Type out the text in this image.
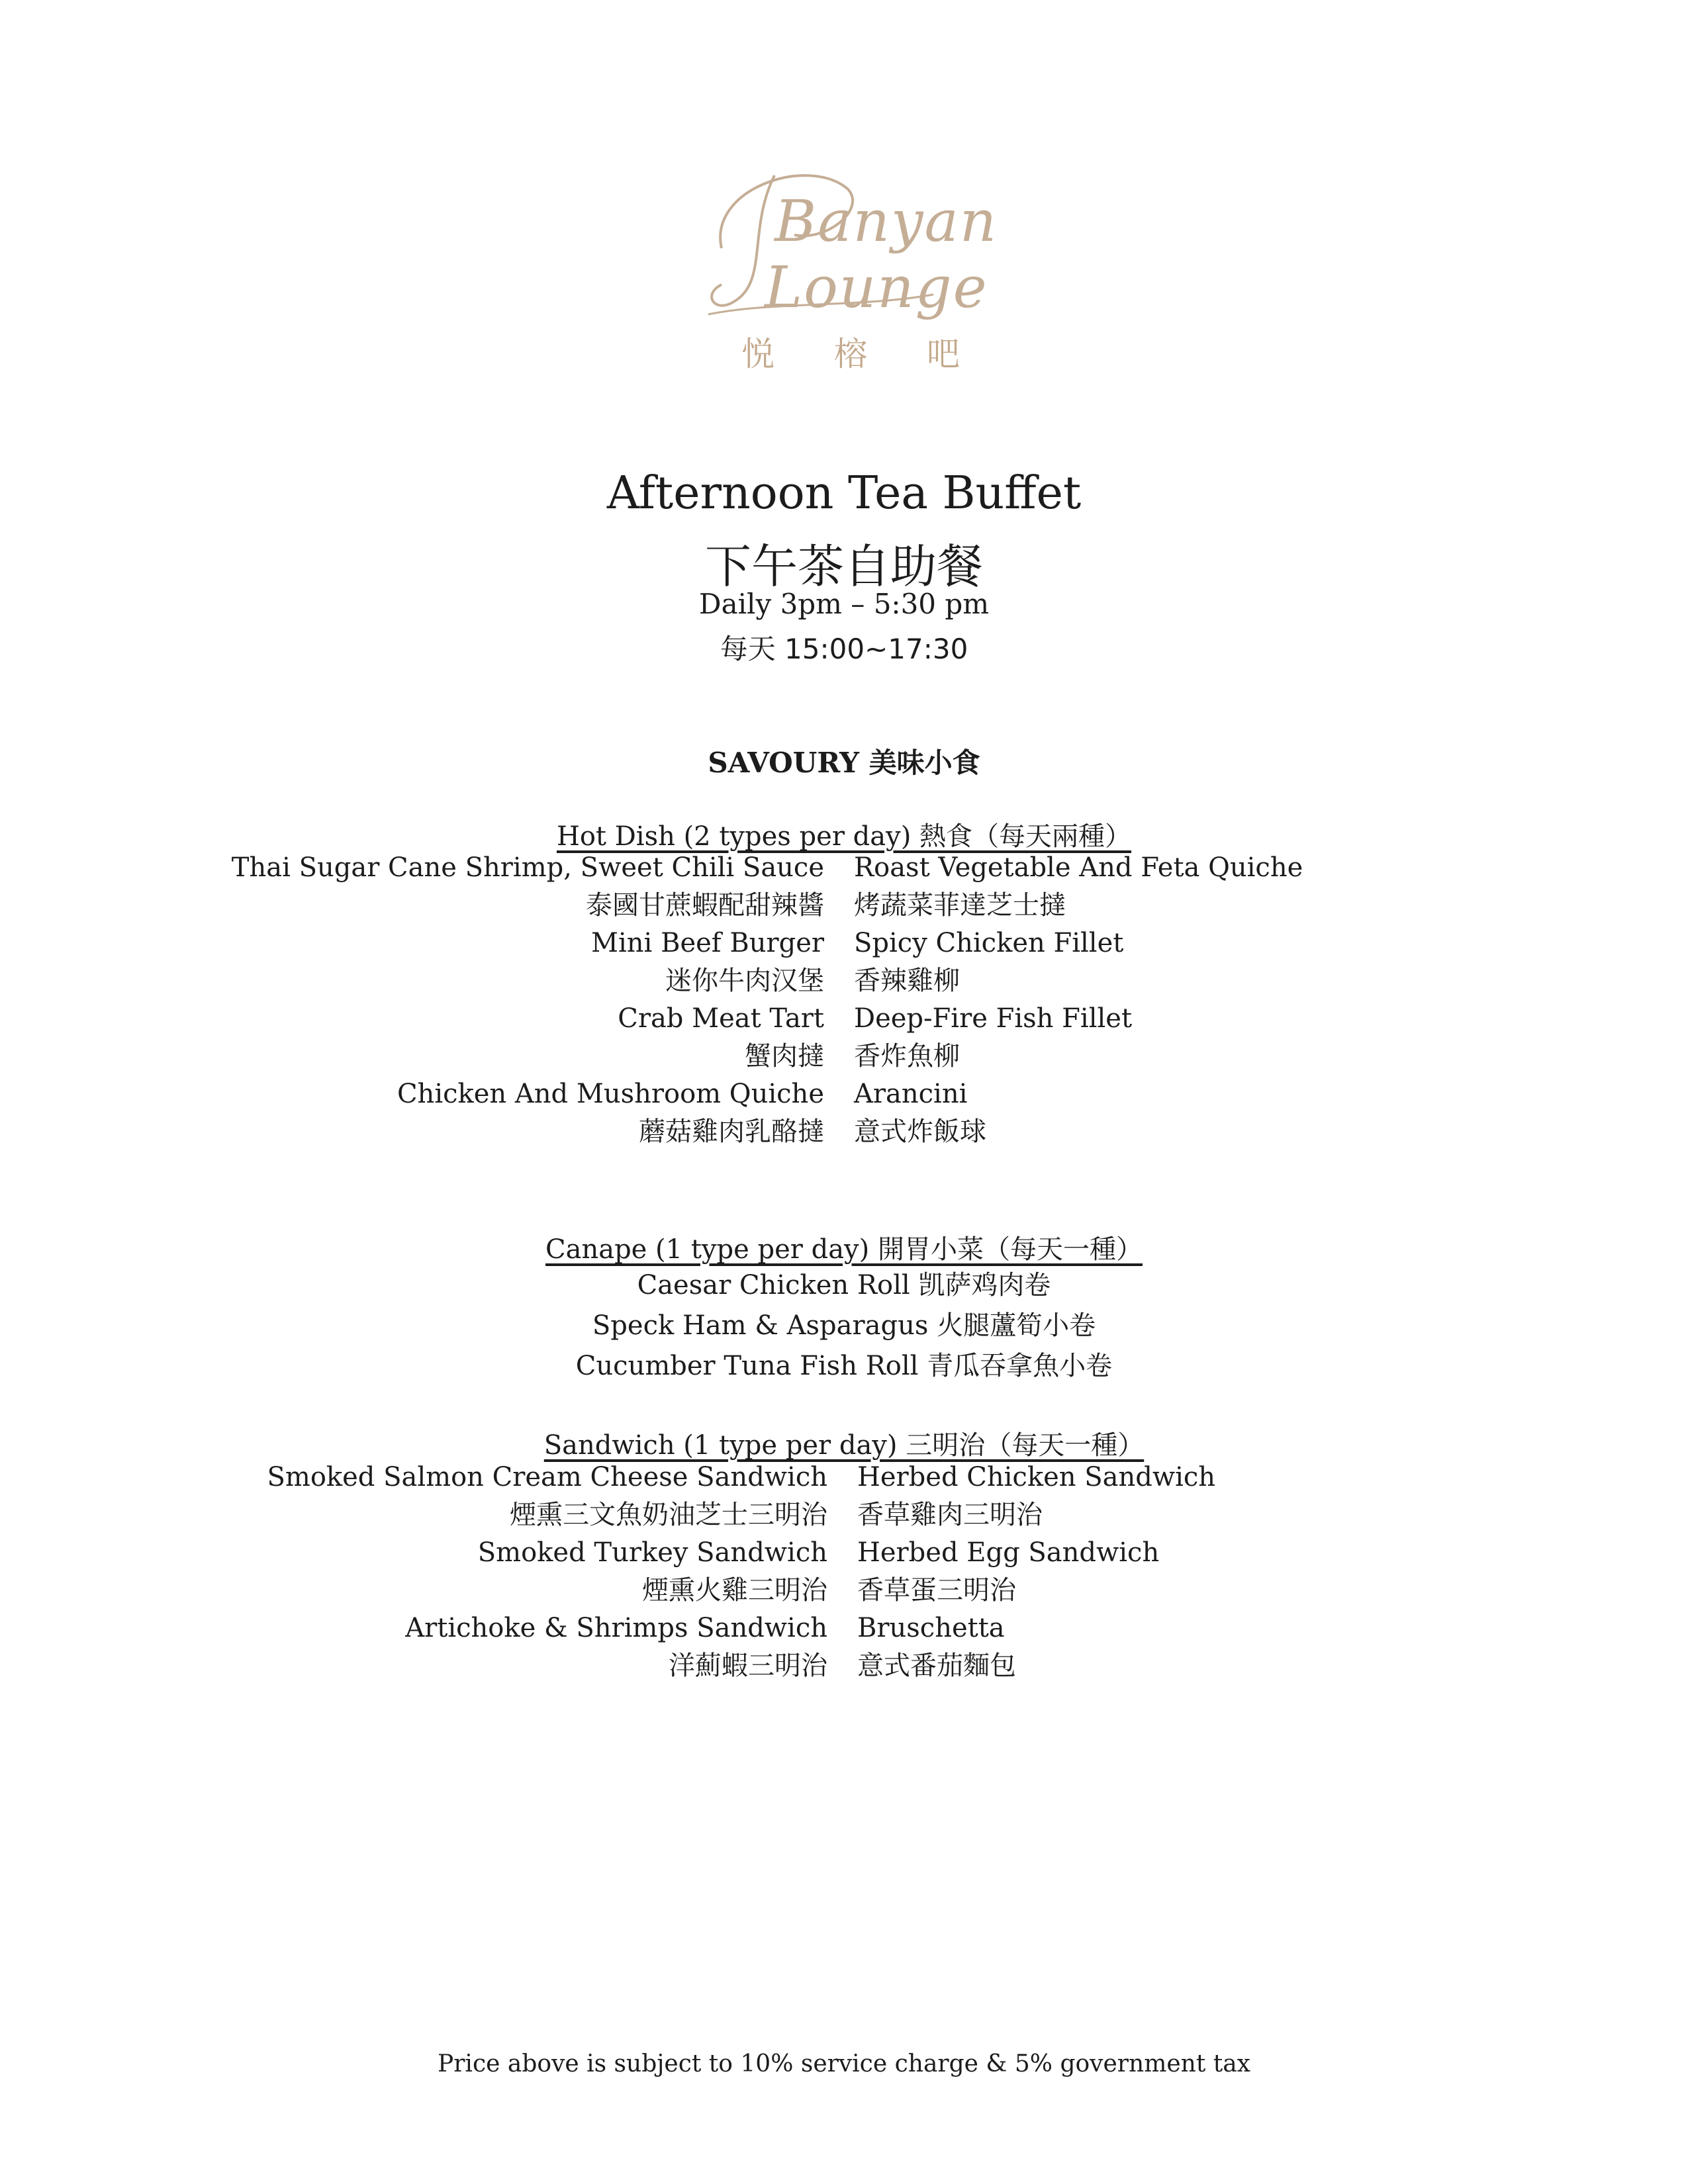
Banyan
Lounge
悦 榕 吧
Afternoon Tea Buffet
下午茶自助餐
Daily 3pm – 5:30 pm
每天 15:00~17:30
SAVOURY 美味小食
Hot Dish (2 types per day) 熱食（每天兩種）
Thai Sugar Cane Shrimp, Sweet Chili Sauce
泰國甘蔗蝦配甜辣醬
Mini Beef Burger
迷你牛肉汉堡
Crab Meat Tart
蟹肉撻
Chicken And Mushroom Quiche
蘑菇雞肉乳酪撻
Roast Vegetable And Feta Quiche
烤蔬菜菲達芝士撻
Spicy Chicken Fillet
香辣雞柳
Deep-Fire Fish Fillet
香炸魚柳
Arancini
意式炸飯球
Canape (1 type per day) 開胃小菜（每天一種）
Caesar Chicken Roll 凯萨鸡肉卷
Speck Ham & Asparagus 火腿蘆筍小卷
Cucumber Tuna Fish Roll 青瓜吞拿魚小卷
Sandwich (1 type per day) 三明治（每天一種）
Smoked Salmon Cream Cheese Sandwich
煙熏三文魚奶油芝士三明治
Smoked Turkey Sandwich
煙熏火雞三明治
Artichoke & Shrimps Sandwich
洋薊蝦三明治
Herbed Chicken Sandwich
香草雞肉三明治
Herbed Egg Sandwich
香草蛋三明治
Bruschetta
意式番茄麵包
Price above is subject to 10% service charge & 5% government tax
